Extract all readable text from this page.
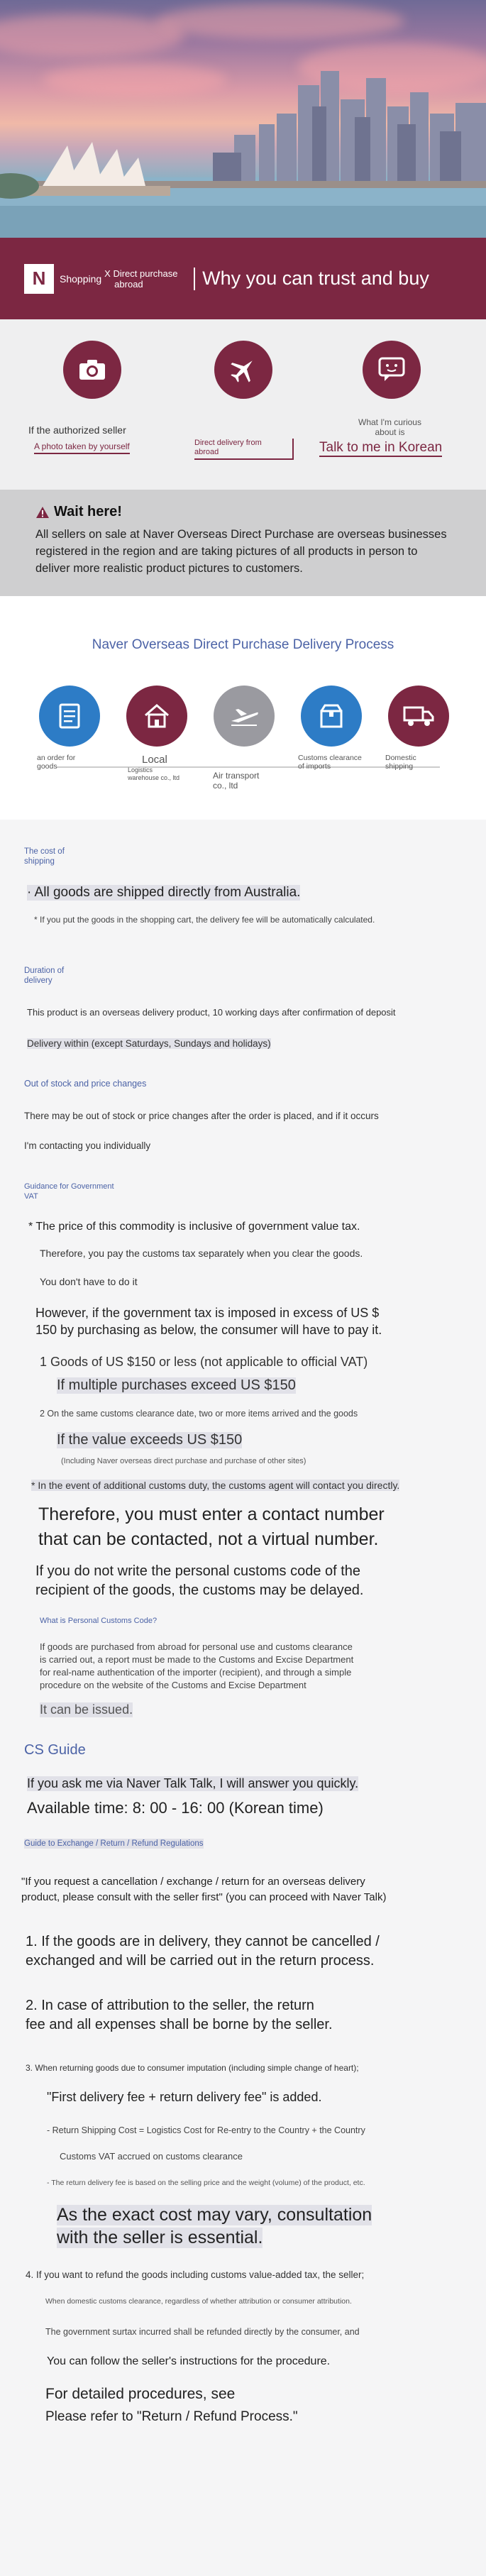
N	Shopping X Direct purchase
abroad	Why you can trust and buy
If the authorized seller
A photo taken by yourself	Direct delivery from
abroad
What I'm curious
about is
Talk to me in Korean
Wait here!

All sellers on sale at Naver Overseas Direct Purchase are overseas businesses registered in the region and are taking pictures of all products in person to deliver more realistic product pictures to customers.

Naver Overseas Direct Purchase Delivery Process
an order for
goods
Local
Logistics
warehouse co., ltd	Air transport
co., ltd
Customs clearance
of imports
Domestic
shipping
The cost of
shipping
· All goods are shipped directly from Australia.
* If you put the goods in the shopping cart, the delivery fee will be automatically calculated.
Duration of
delivery
This product is an overseas delivery product, 10 working days after confirmation of deposit
Delivery within (except Saturdays, Sundays and holidays)
Out of stock and price changes
There may be out of stock or price changes after the order is placed, and if it occurs
I'm contacting you individually
Guidance for Government
VAT
* The price of this commodity is inclusive of government value tax.
Therefore, you pay the customs tax separately when you clear the goods.
You don't have to do it
However, if the government tax is imposed in excess of US $
150 by purchasing as below, the consumer will have to pay it.
1 Goods of US $150 or less (not applicable to official VAT)
If multiple purchases exceed US $150
2 On the same customs clearance date, two or more items arrived and the goods
If the value exceeds US $150
(Including Naver overseas direct purchase and purchase of other sites)
* In the event of additional customs duty, the customs agent will contact you directly.
Therefore, you must enter a contact number
that can be contacted, not a virtual number.
If you do not write the personal customs code of the
recipient of the goods, the customs may be delayed.
What is Personal Customs Code?
If goods are purchased from abroad for personal use and customs clearance
is carried out, a report must be made to the Customs and Excise Department
for real-name authentication of the importer (recipient), and through a simple
procedure on the website of the Customs and Excise Department
It can be issued.
CS Guide
If you ask me via Naver Talk Talk, I will answer you quickly.
Available time: 8: 00 - 16: 00 (Korean time)
Guide to Exchange / Return / Refund Regulations
"If you request a cancellation / exchange / return for an overseas delivery
product, please consult with the seller first" (you can proceed with Naver Talk)
1. If the goods are in delivery, they cannot be cancelled /
exchanged and will be carried out in the return process.
2. In case of attribution to the seller, the return
fee and all expenses shall be borne by the seller.
3. When returning goods due to consumer imputation (including simple change of heart);
"First delivery fee + return delivery fee" is added.
- Return Shipping Cost = Logistics Cost for Re-entry to the Country + the Country
Customs VAT accrued on customs clearance
- The return delivery fee is based on the selling price and the weight (volume) of the product, etc.
As the exact cost may vary, consultation
with the seller is essential.
4. If you want to refund the goods including customs value-added tax, the seller;
When domestic customs clearance, regardless of whether attribution or consumer attribution.
The government surtax incurred shall be refunded directly by the consumer, and
You can follow the seller's instructions for the procedure.
For detailed procedures, see
Please refer to "Return / Refund Process."
